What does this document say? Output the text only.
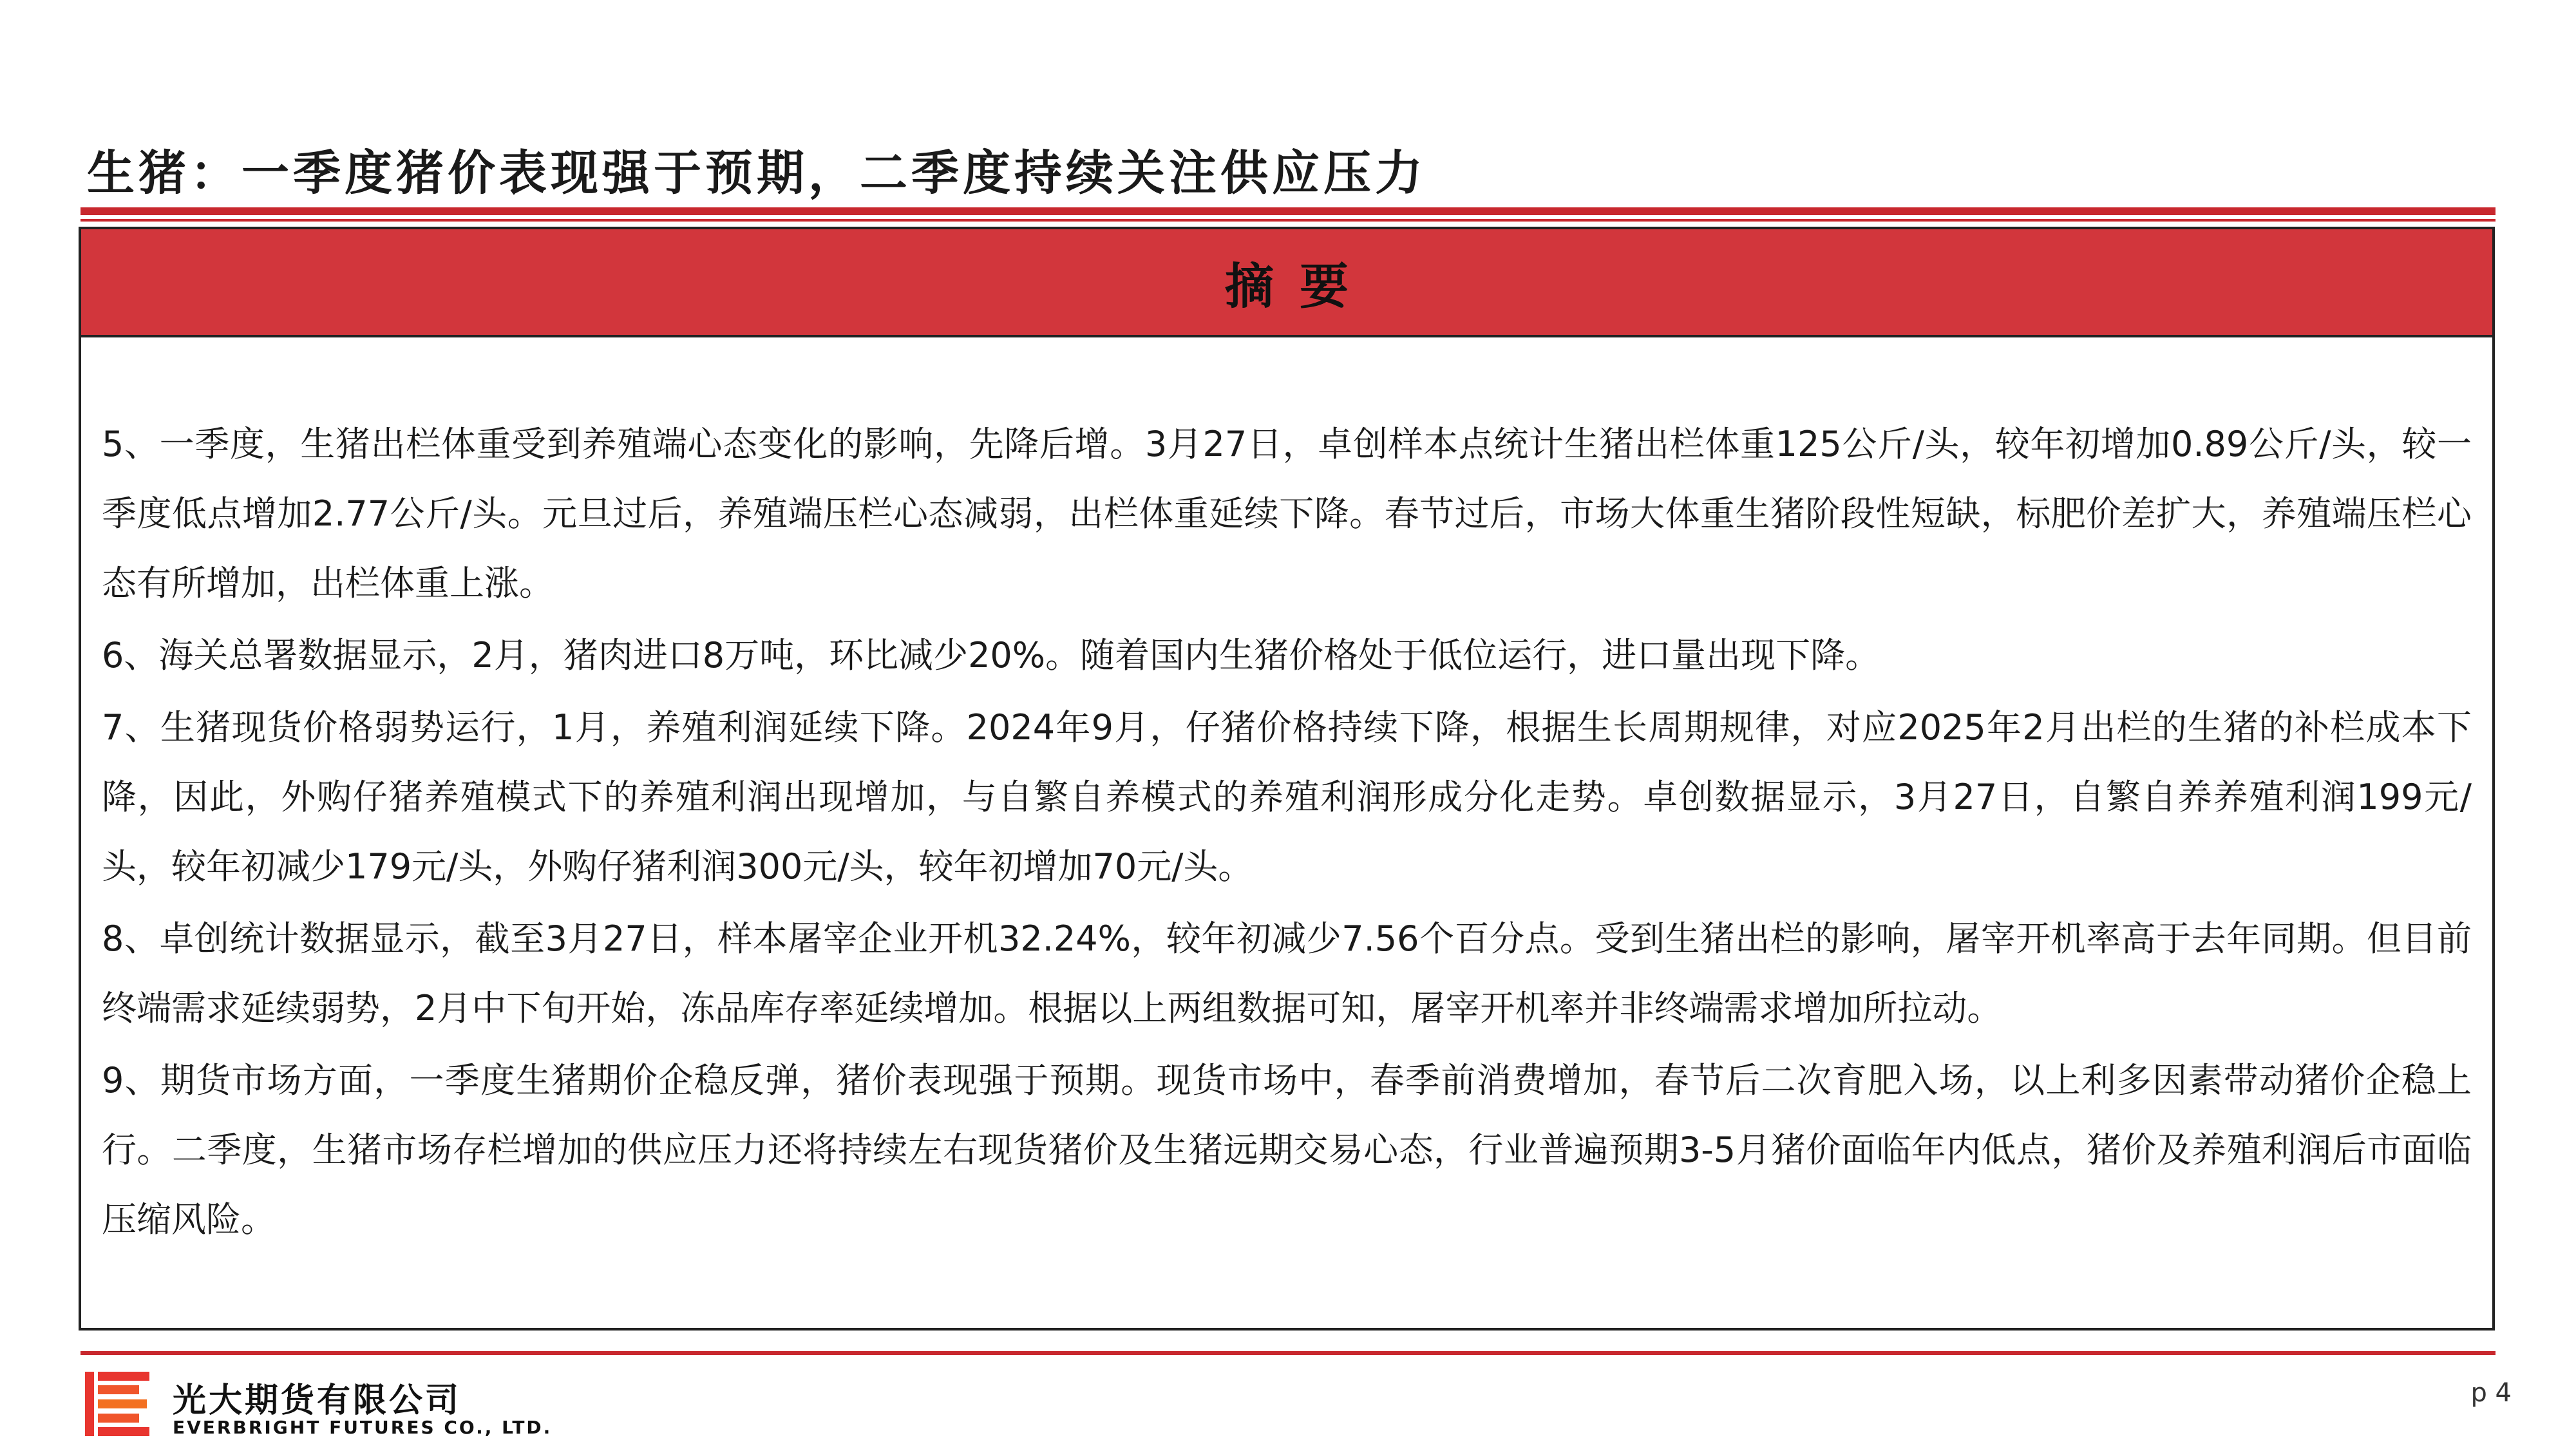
生猪：一季度猪价表现强于预期，二季度持续关注供应压力
摘要

5、一季度，生猪出栏体重受到养殖端心态变化的影响，先降后增。3月27日，卓创样本点统计生猪出栏体重125公斤/头，较年初增加0.89公斤/头，较一季度低点增加2.77公斤/头。元旦过后，养殖端压栏心态减弱，出栏体重延续下降。春节过后，市场大体重生猪阶段性短缺，标肥价差扩大，养殖端压栏心态有所增加，出栏体重上涨。

6、海关总署数据显示，2月，猪肉进口8万吨，环比减少20%。随着国内生猪价格处于低位运行，进口量出现下降。

7、生猪现货价格弱势运行，1月，养殖利润延续下降。2024年9月，仔猪价格持续下降，根据生长周期规律，对应2025年2月出栏的生猪的补栏成本下降，因此，外购仔猪养殖模式下的养殖利润出现增加，与自繁自养模式的养殖利润形成分化走势。卓创数据显示，3月27日，自繁自养养殖利润199元/头，较年初减少179元/头，外购仔猪利润300元/头，较年初增加70元/头。

8、卓创统计数据显示，截至3月27日，样本屠宰企业开机32.24%，较年初减少7.56个百分点。受到生猪出栏的影响，屠宰开机率高于去年同期。但目前终端需求延续弱势，2月中下旬开始，冻品库存率延续增加。根据以上两组数据可知，屠宰开机率并非终端需求增加所拉动。

9、期货市场方面，一季度生猪期价企稳反弹，猪价表现强于预期。现货市场中，春季前消费增加，春节后二次育肥入场，以上利多因素带动猪价企稳上行。二季度，生猪市场存栏增加的供应压力还将持续左右现货猪价及生猪远期交易心态，行业普遍预期3-5月猪价面临年内低点，猪价及养殖利润后市面临压缩风险。

光大期货有限公司
EVERBRIGHT FUTURES CO., LTD.
p 4
